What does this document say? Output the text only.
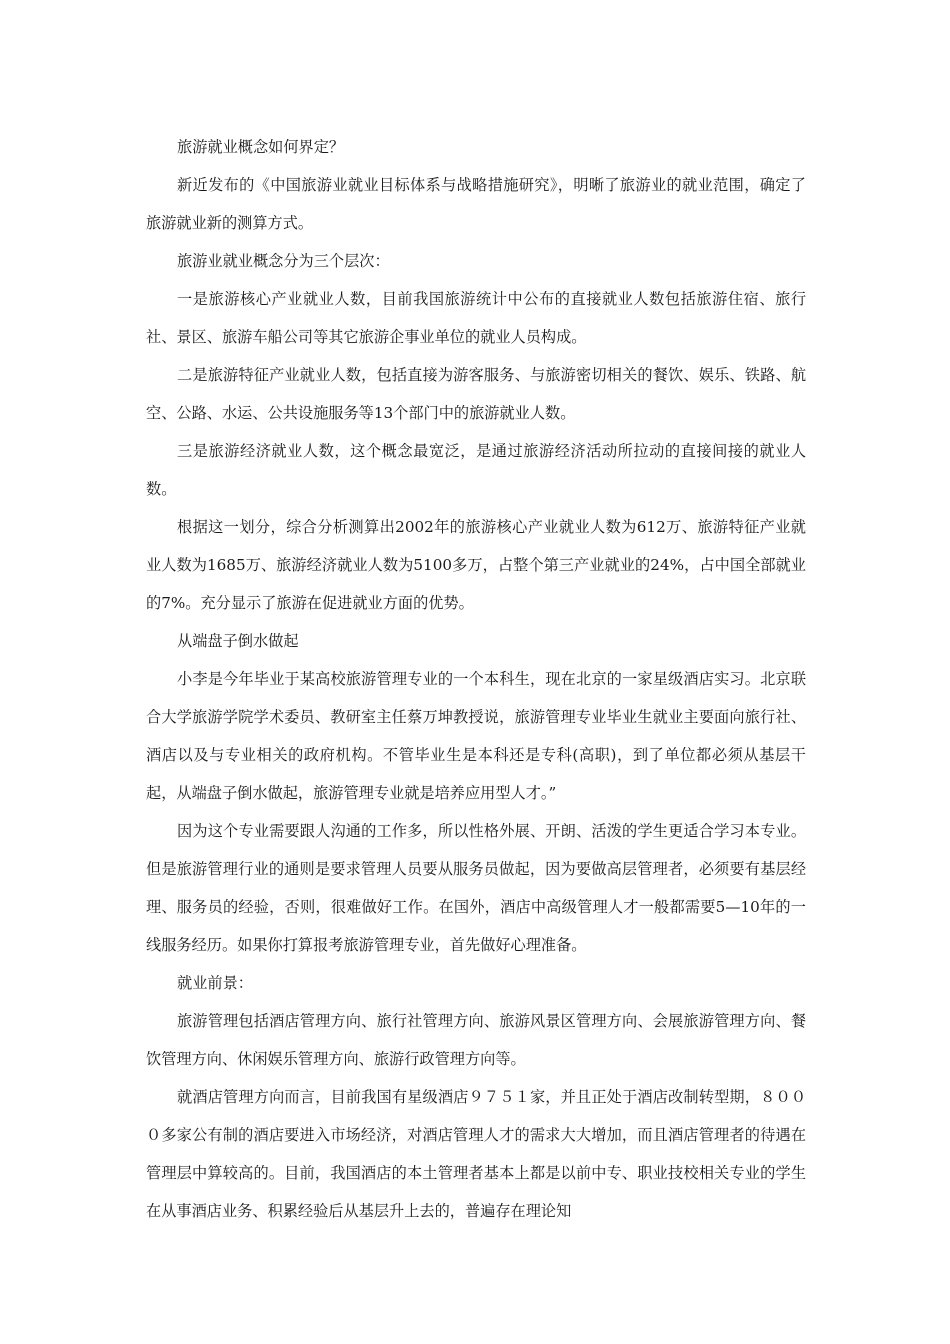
旅游就业概念如何界定？

新近发布的《中国旅游业就业目标体系与战略措施研究》，明晰了旅游业的就业范围，确定了旅游就业新的测算方式。

旅游业就业概念分为三个层次：

一是旅游核心产业就业人数，目前我国旅游统计中公布的直接就业人数包括旅游住宿、旅行社、景区、旅游车船公司等其它旅游企事业单位的就业人员构成。

二是旅游特征产业就业人数，包括直接为游客服务、与旅游密切相关的餐饮、娱乐、铁路、航空、公路、水运、公共设施服务等13个部门中的旅游就业人数。

三是旅游经济就业人数，这个概念最宽泛，是通过旅游经济活动所拉动的直接间接的就业人数。

根据这一划分，综合分析测算出2002年的旅游核心产业就业人数为612万、旅游特征产业就业人数为1685万、旅游经济就业人数为5100多万，占整个第三产业就业的24%，占中国全部就业的7%。充分显示了旅游在促进就业方面的优势。

从端盘子倒水做起

小李是今年毕业于某高校旅游管理专业的一个本科生，现在北京的一家星级酒店实习。北京联合大学旅游学院学术委员、教研室主任蔡万坤教授说，旅游管理专业毕业生就业主要面向旅行社、酒店以及与专业相关的政府机构。不管毕业生是本科还是专科(高职)，到了单位都必须从基层干起，从端盘子倒水做起，旅游管理专业就是培养应用型人才。”

因为这个专业需要跟人沟通的工作多，所以性格外展、开朗、活泼的学生更适合学习本专业。但是旅游管理行业的通则是要求管理人员要从服务员做起，因为要做高层管理者，必须要有基层经理、服务员的经验，否则，很难做好工作。在国外，酒店中高级管理人才一般都需要5—10年的一线服务经历。如果你打算报考旅游管理专业，首先做好心理准备。

就业前景：

旅游管理包括酒店管理方向、旅行社管理方向、旅游风景区管理方向、会展旅游管理方向、餐饮管理方向、休闲娱乐管理方向、旅游行政管理方向等。

就酒店管理方向而言，目前我国有星级酒店９７５１家，并且正处于酒店改制转型期，８０００多家公有制的酒店要进入市场经济，对酒店管理人才的需求大大增加，而且酒店管理者的待遇在管理层中算较高的。目前，我国酒店的本土管理者基本上都是以前中专、职业技校相关专业的学生在从事酒店业务、积累经验后从基层升上去的，普遍存在理论知
